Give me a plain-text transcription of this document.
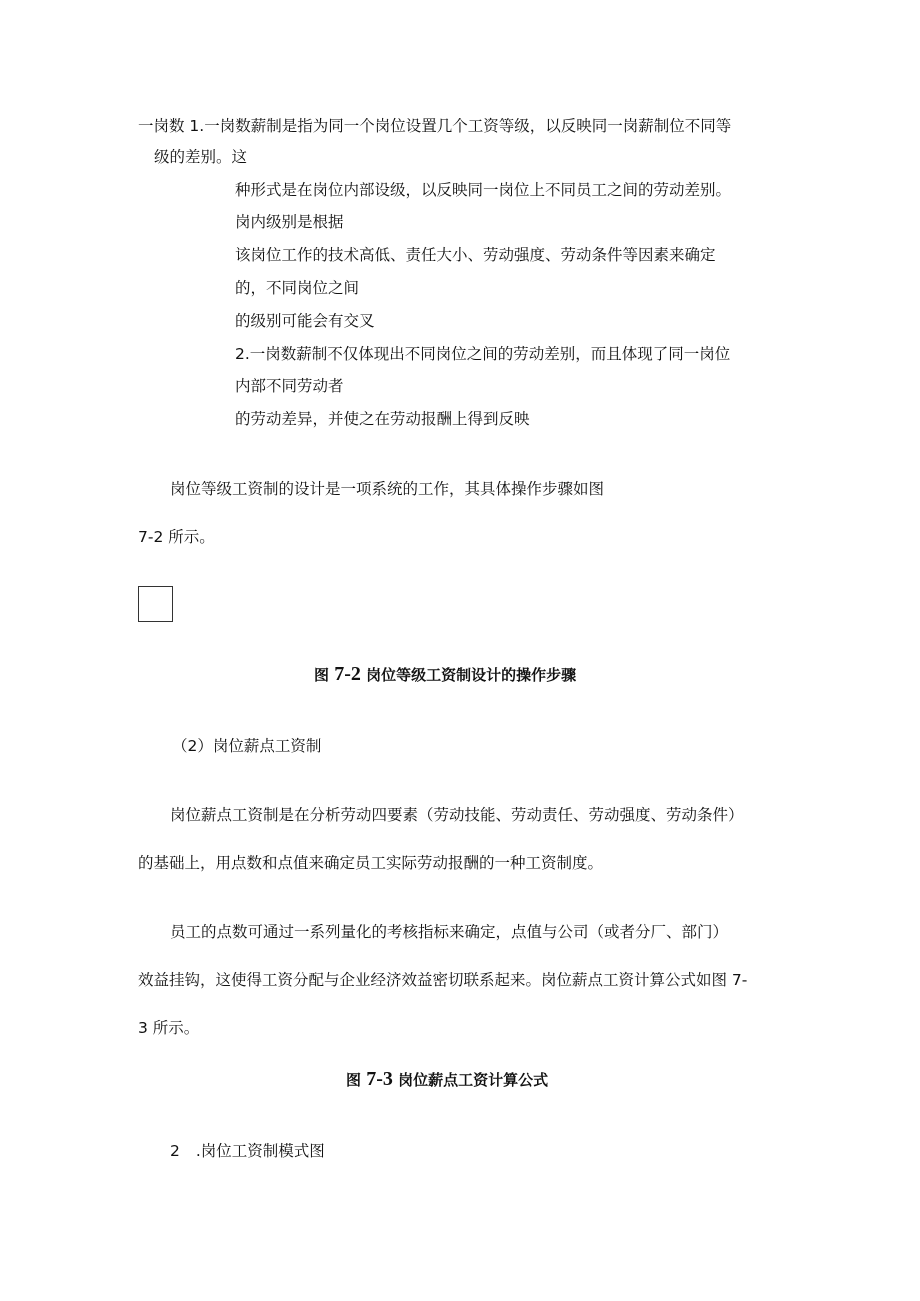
一岗数 1.一岗数薪制是指为同一个岗位设置几个工资等级，以反映同一岗薪制位不同等
级的差别。这
种形式是在岗位内部设级，以反映同一岗位上不同员工之间的劳动差别。
岗内级别是根据
该岗位工作的技术高低、责任大小、劳动强度、劳动条件等因素来确定
的，不同岗位之间
的级别可能会有交叉
2.一岗数薪制不仅体现出不同岗位之间的劳动差别，而且体现了同一岗位
内部不同劳动者
的劳动差异，并使之在劳动报酬上得到反映
岗位等级工资制的设计是一项系统的工作，其具体操作步骤如图
7-2 所示。
图 7-2 岗位等级工资制设计的操作步骤
（2）岗位薪点工资制
岗位薪点工资制是在分析劳动四要素（劳动技能、劳动责任、劳动强度、劳动条件）
的基础上，用点数和点值来确定员工实际劳动报酬的一种工资制度。
员工的点数可通过一系列量化的考核指标来确定，点值与公司（或者分厂、部门）
效益挂钩，这使得工资分配与企业经济效益密切联系起来。岗位薪点工资计算公式如图 7-
3 所示。
图 7-3 岗位薪点工资计算公式
2 .岗位工资制模式图
